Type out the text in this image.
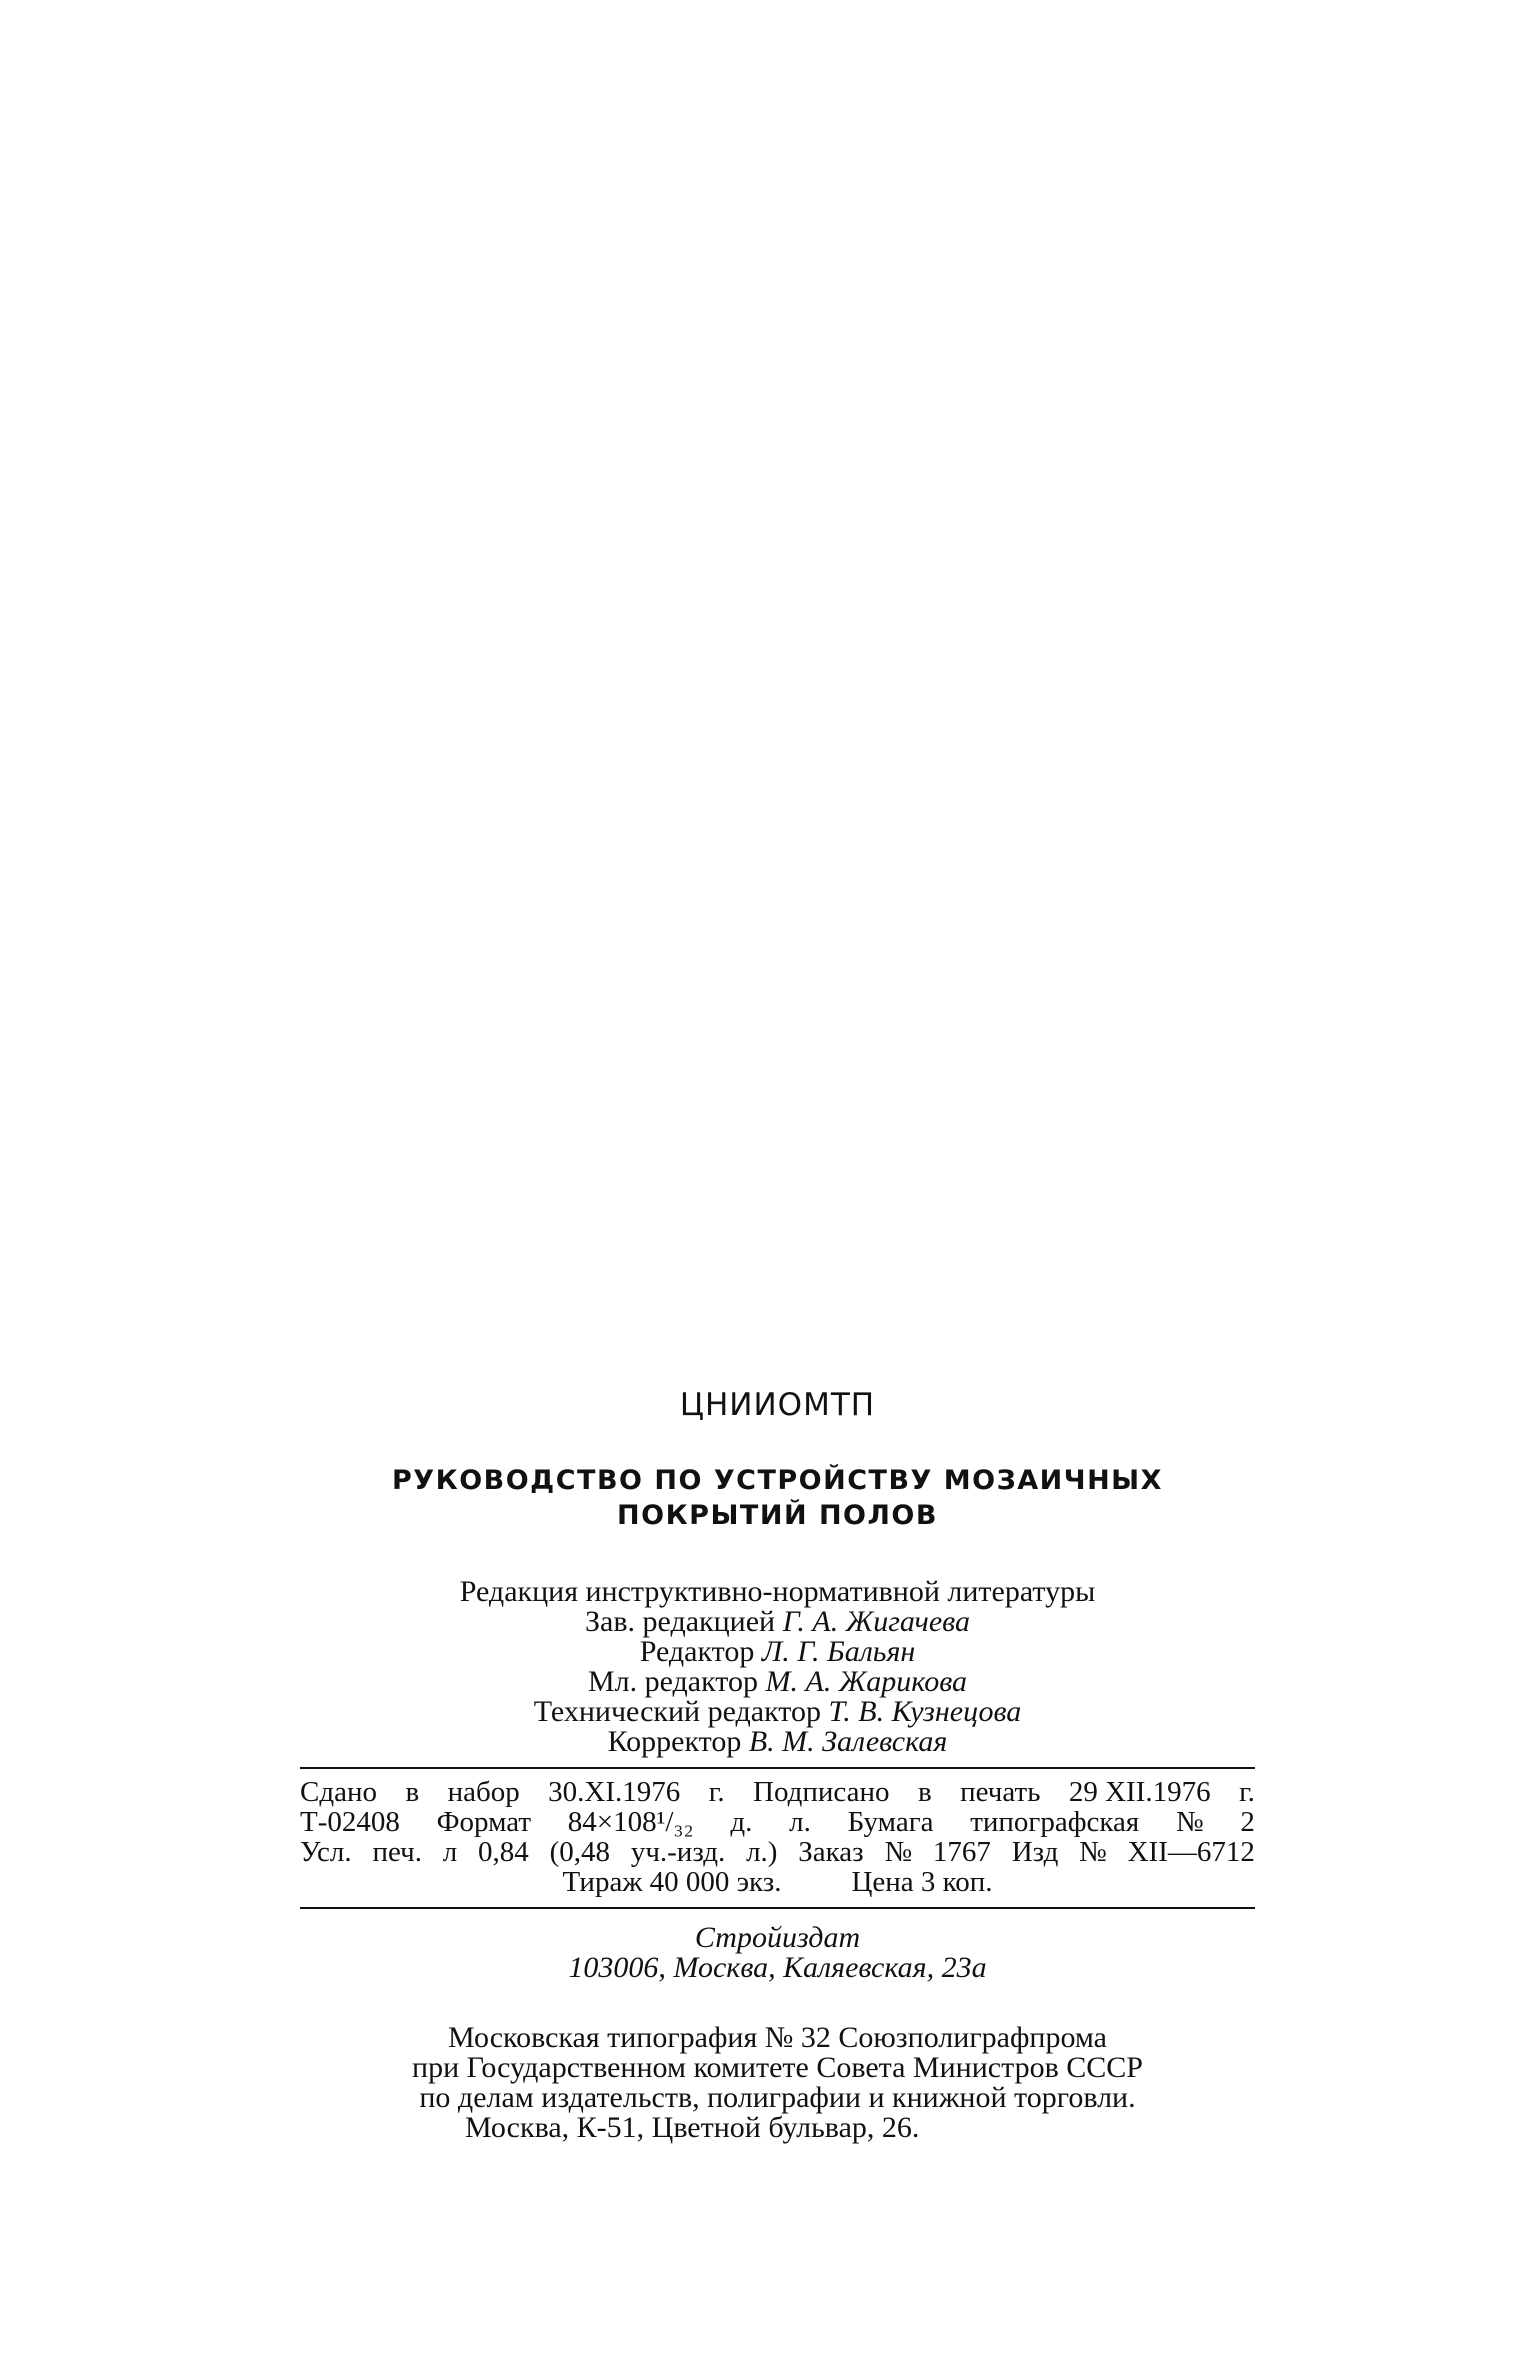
ЦНИИОМТП
РУКОВОДСТВО ПО УСТРОЙСТВУ МОЗАИЧНЫХ
ПОКРЫТИЙ ПОЛОВ
Редакция инструктивно-нормативной литературы
Зав. редакцией Г. А. Жигачева
Редактор Л. Г. Бальян
Мл. редактор М. А. Жарикова
Технический редактор Т. В. Кузнецова
Корректор В. М. Залевская
Сдано в набор 30.XI.1976 г. Подписано в печать 29 XII.1976 г.
Т-02408 Формат 84×108¹/₃₂ д. л. Бумага типографская № 2
Усл. печ. л 0,84 (0,48 уч.-изд. л.) Заказ № 1767 Изд № XII—6712
Тираж 40 000 экз. Цена 3 коп.
Стройиздат
103006, Москва, Каляевская, 23а
Московская типография № 32 Союзполиграфпрома
при Государственном комитете Совета Министров СССР
по делам издательств, полиграфии и книжной торговли.
Москва, К-51, Цветной бульвар, 26.
